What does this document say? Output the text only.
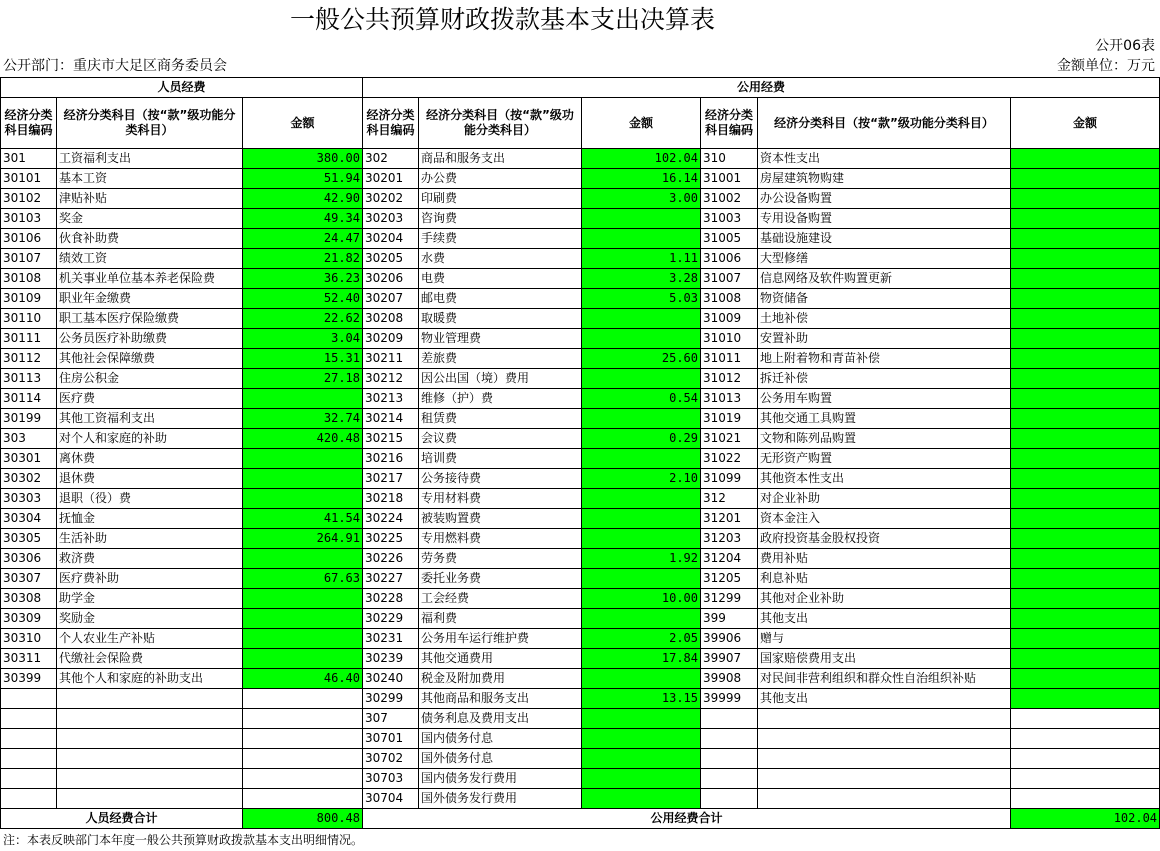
一般公共预算财政拨款基本支出决算表
公开06表
公开部门：重庆市大足区商务委员会	金额单位：万元
人员经费			公用经费					
经济分类科目编码	经济分类科目（按“款”级功能分类科目）	金额	经济分类科目编码	经济分类科目（按“款”级功能分类科目）	金额	经济分类科目编码	经济分类科目（按“款”级功能分类科目）	金额
301	工资福利支出	380.00	302	商品和服务支出	102.04	310	资本性支出	
30101	基本工资	51.94	30201	办公费	16.14	31001	房屋建筑物购建	
30102	津贴补贴	42.90	30202	印刷费	3.00	31002	办公设备购置	
30103	奖金	49.34	30203	咨询费		31003	专用设备购置	
30106	伙食补助费	24.47	30204	手续费		31005	基础设施建设	
30107	绩效工资	21.82	30205	水费	1.11	31006	大型修缮	
30108	机关事业单位基本养老保险费	36.23	30206	电费	3.28	31007	信息网络及软件购置更新	
30109	职业年金缴费	52.40	30207	邮电费	5.03	31008	物资储备	
30110	职工基本医疗保险缴费	22.62	30208	取暖费		31009	土地补偿	
30111	公务员医疗补助缴费	3.04	30209	物业管理费		31010	安置补助	
30112	其他社会保障缴费	15.31	30211	差旅费	25.60	31011	地上附着物和青苗补偿	
30113	住房公积金	27.18	30212	因公出国（境）费用		31012	拆迁补偿	
30114	医疗费		30213	维修（护）费	0.54	31013	公务用车购置	
30199	其他工资福利支出	32.74	30214	租赁费		31019	其他交通工具购置	
303	对个人和家庭的补助	420.48	30215	会议费	0.29	31021	文物和陈列品购置	
30301	离休费		30216	培训费		31022	无形资产购置	
30302	退休费		30217	公务接待费	2.10	31099	其他资本性支出	
30303	退职（役）费		30218	专用材料费		312	对企业补助	
30304	抚恤金	41.54	30224	被装购置费		31201	资本金注入	
30305	生活补助	264.91	30225	专用燃料费		31203	政府投资基金股权投资	
30306	救济费		30226	劳务费	1.92	31204	费用补贴	
30307	医疗费补助	67.63	30227	委托业务费		31205	利息补贴	
30308	助学金		30228	工会经费	10.00	31299	其他对企业补助	
30309	奖励金		30229	福利费		399	其他支出	
30310	个人农业生产补贴		30231	公务用车运行维护费	2.05	39906	赠与	
30311	代缴社会保险费		30239	其他交通费用	17.84	39907	国家赔偿费用支出	
30399	其他个人和家庭的补助支出	46.40	30240	税金及附加费用		39908	对民间非营利组织和群众性自治组织补贴	
			30299	其他商品和服务支出	13.15	39999	其他支出	
			307	债务利息及费用支出				
			30701	国内债务付息				
			30702	国外债务付息				
			30703	国内债务发行费用				
			30704	国外债务发行费用				
人员经费合计		800.48	公用经费合计					102.04
注：本表反映部门本年度一般公共预算财政拨款基本支出明细情况。
